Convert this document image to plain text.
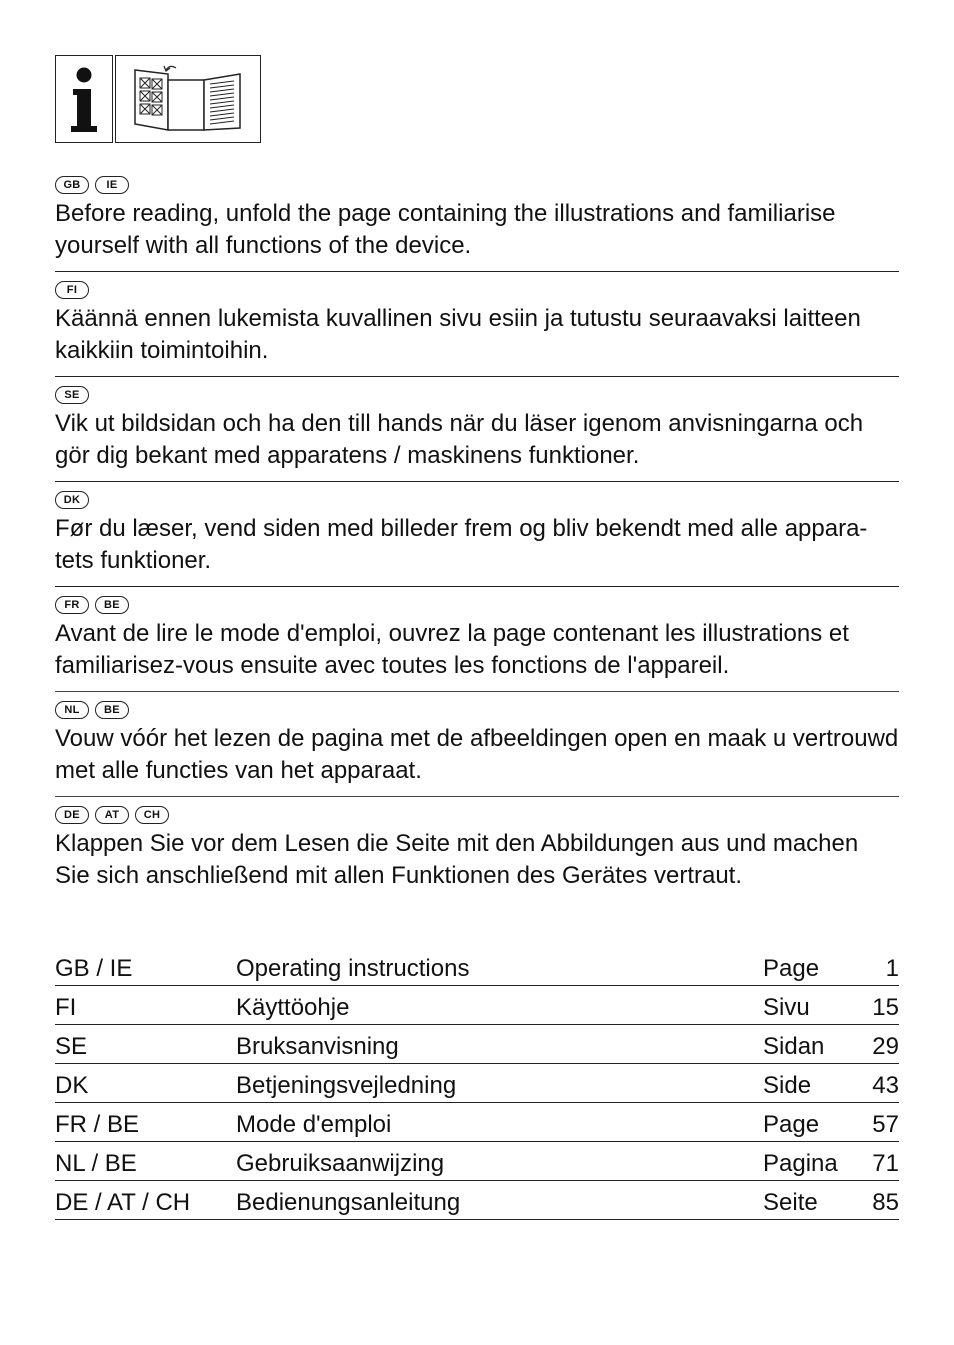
GB	IE

Before reading, unfold the page containing the illustrations and familiarise yourself with all functions of the device.

FI

Käännä ennen lukemista kuvallinen sivu esiin ja tutustu seuraavaksi laitteen kaikkiin toimintoihin.

SE

Vik ut bildsidan och ha den till hands när du läser igenom anvisningarna och gör dig bekant med apparatens / maskinens funktioner.

DK

Før du læser, vend siden med billeder frem og bliv bekendt med alle appara-tets funktioner.

FR	BE

Avant de lire le mode d'emploi, ouvrez la page contenant les illustrations et familiarisez-vous ensuite avec toutes les fonctions de l'appareil.

NL	BE

Vouw vóór het lezen de pagina met de afbeeldingen open en maak u vertrouwd met alle functies van het apparaat.

DE	AT	CH

Klappen Sie vor dem Lesen die Seite mit den Abbildungen aus und machen Sie sich anschließend mit allen Funktionen des Gerätes vertraut.

GB / IE	Operating instructions	Page	1
FI	Käyttöohje	Sivu	15
SE	Bruksanvisning	Sidan	29
DK	Betjeningsvejledning	Side	43
FR / BE	Mode d'emploi	Page	57
NL / BE	Gebruiksaanwijzing	Pagina	71
DE / AT / CH	Bedienungsanleitung	Seite	85
